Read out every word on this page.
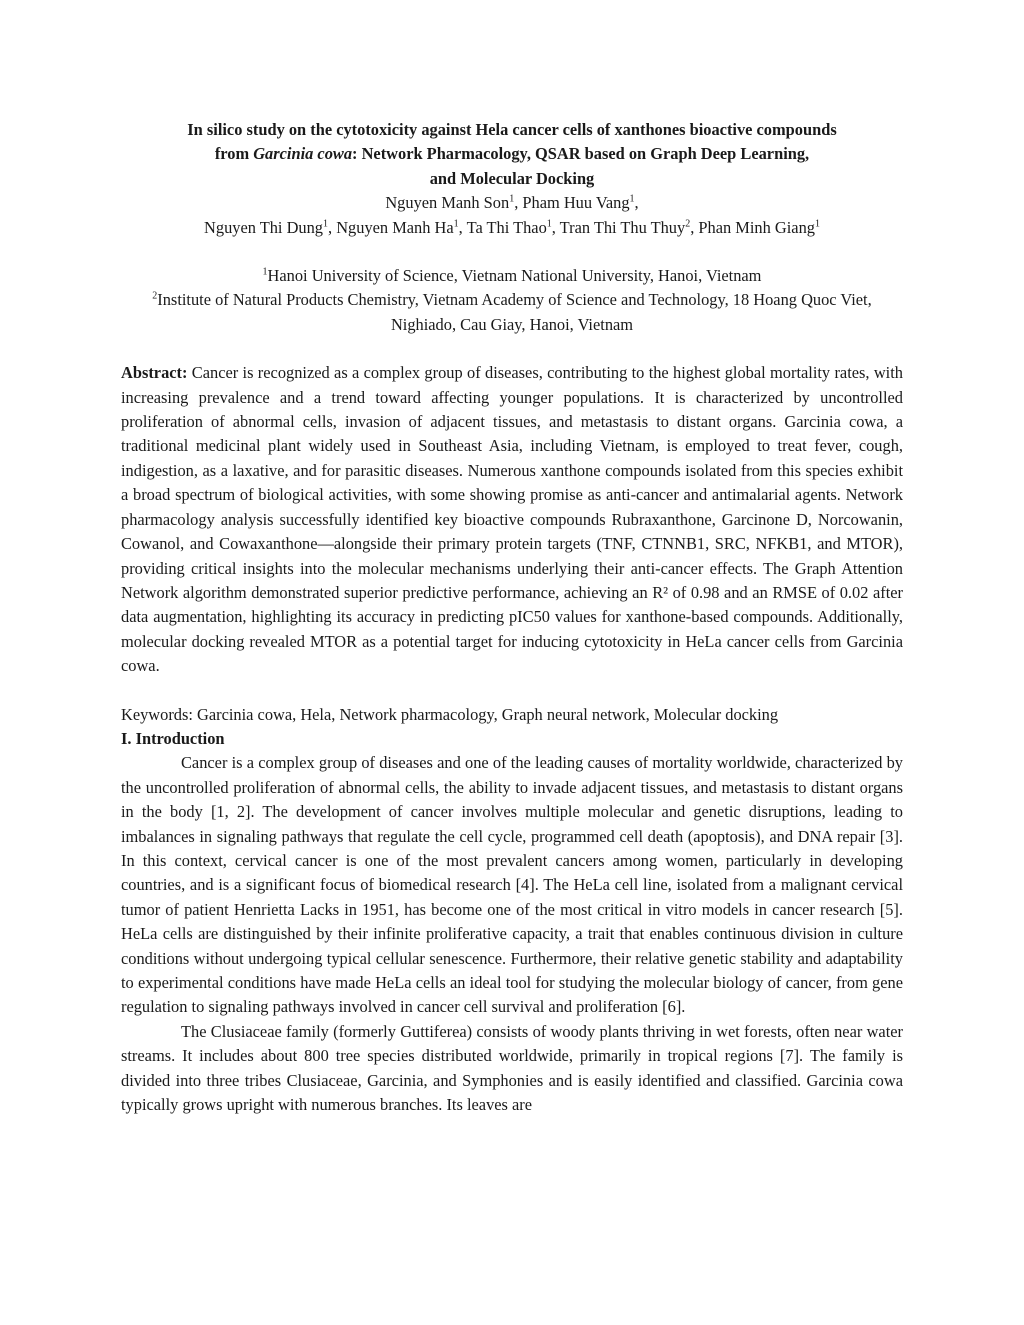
In silico study on the cytotoxicity against Hela cancer cells of xanthones bioactive compounds
from Garcinia cowa: Network Pharmacology, QSAR based on Graph Deep Learning,
and Molecular Docking
Nguyen Manh Son$^1$, Pham Huu Vang$^1$,
Nguyen Thi Dung$^1$, Nguyen Manh Ha$^1$, Ta Thi Thao$^1$, Tran Thi Thu Thuy$^2$, Phan Minh Giang$^1$
$^1$Hanoi University of Science, Vietnam National University, Hanoi, Vietnam
$^2$Institute of Natural Products Chemistry, Vietnam Academy of Science and Technology, 18 Hoang Quoc Viet, Nighiado, Cau Giay, Hanoi, Vietnam

Abstract: Cancer is recognized as a complex group of diseases, contributing to the highest global mortality rates, with increasing prevalence and a trend toward affecting younger populations. It is characterized by uncontrolled proliferation of abnormal cells, invasion of adjacent tissues, and metastasis to distant organs. Garcinia cowa, a traditional medicinal plant widely used in Southeast Asia, including Vietnam, is employed to treat fever, cough, indigestion, as a laxative, and for parasitic diseases. Numerous xanthone compounds isolated from this species exhibit a broad spectrum of biological activities, with some showing promise as anti-cancer and antimalarial agents. Network pharmacology analysis successfully identified key bioactive compounds Rubraxanthone, Garcinone D, Norcowanin, Cowanol, and Cowaxanthone—alongside their primary protein targets (TNF, CTNNB1, SRC, NFKB1, and MTOR), providing critical insights into the molecular mechanisms underlying their anti-cancer effects. The Graph Attention Network algorithm demonstrated superior predictive performance, achieving an R² of 0.98 and an RMSE of 0.02 after data augmentation, highlighting its accuracy in predicting pIC50 values for xanthone-based compounds. Additionally, molecular docking revealed MTOR as a potential target for inducing cytotoxicity in HeLa cancer cells from Garcinia cowa.

Keywords: Garcinia cowa, Hela, Network pharmacology, Graph neural network, Molecular docking

I. Introduction

Cancer is a complex group of diseases and one of the leading causes of mortality worldwide, characterized by the uncontrolled proliferation of abnormal cells, the ability to invade adjacent tissues, and metastasis to distant organs in the body [1, 2]. The development of cancer involves multiple molecular and genetic disruptions, leading to imbalances in signaling pathways that regulate the cell cycle, programmed cell death (apoptosis), and DNA repair [3]. In this context, cervical cancer is one of the most prevalent cancers among women, particularly in developing countries, and is a significant focus of biomedical research [4]. The HeLa cell line, isolated from a malignant cervical tumor of patient Henrietta Lacks in 1951, has become one of the most critical in vitro models in cancer research [5]. HeLa cells are distinguished by their infinite proliferative capacity, a trait that enables continuous division in culture conditions without undergoing typical cellular senescence. Furthermore, their relative genetic stability and adaptability to experimental conditions have made HeLa cells an ideal tool for studying the molecular biology of cancer, from gene regulation to signaling pathways involved in cancer cell survival and proliferation [6].

The Clusiaceae family (formerly Guttiferea) consists of woody plants thriving in wet forests, often near water streams. It includes about 800 tree species distributed worldwide, primarily in tropical regions [7]. The family is divided into three tribes Clusiaceae, Garcinia, and Symphonies and is easily identified and classified. Garcinia cowa typically grows upright with numerous branches. Its leaves are
